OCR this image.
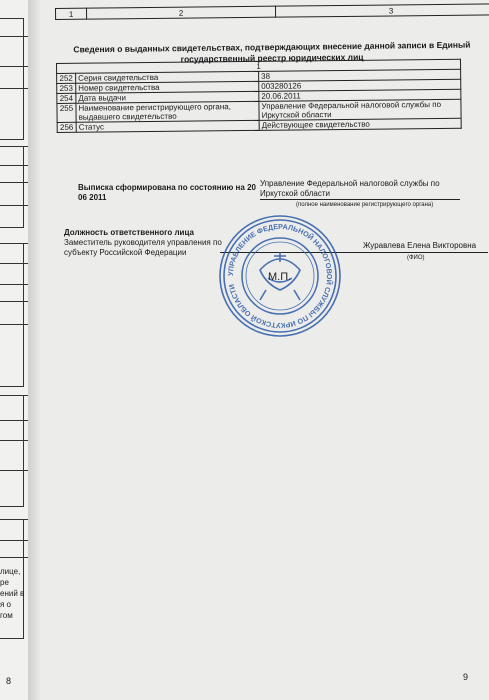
лице,
ре
ений в
я о
гом
8
1	2	3
Сведения о выданных свидетельствах, подтверждающих внесение данной записи в Единый государственный реестр юридических лиц
1		
252	Серия свидетельства	38
253	Номер свидетельства	003280126
254	Дата выдачи	20.06.2011
255	Наименование регистрирующего органа, выдавшего свидетельство	Управление Федеральной налоговой службы по Иркутской области
256	Статус	Действующее свидетельство
Выписка сформирована по состоянию на 20 06 2011
Управление Федеральной налоговой службы по Иркутской области
(полное наименование регистрирующего органа)
Должность ответственного лица
Заместитель руководителя управления по субъекту Российской Федерации
Журавлева Елена Викторовна
(ФИО)
УПРАВЛЕНИЕ ФЕДЕРАЛЬНОЙ НАЛОГОВОЙ СЛУЖБЫ ПО ИРКУТСКОЙ ОБЛАСТИ
М.П.
9
